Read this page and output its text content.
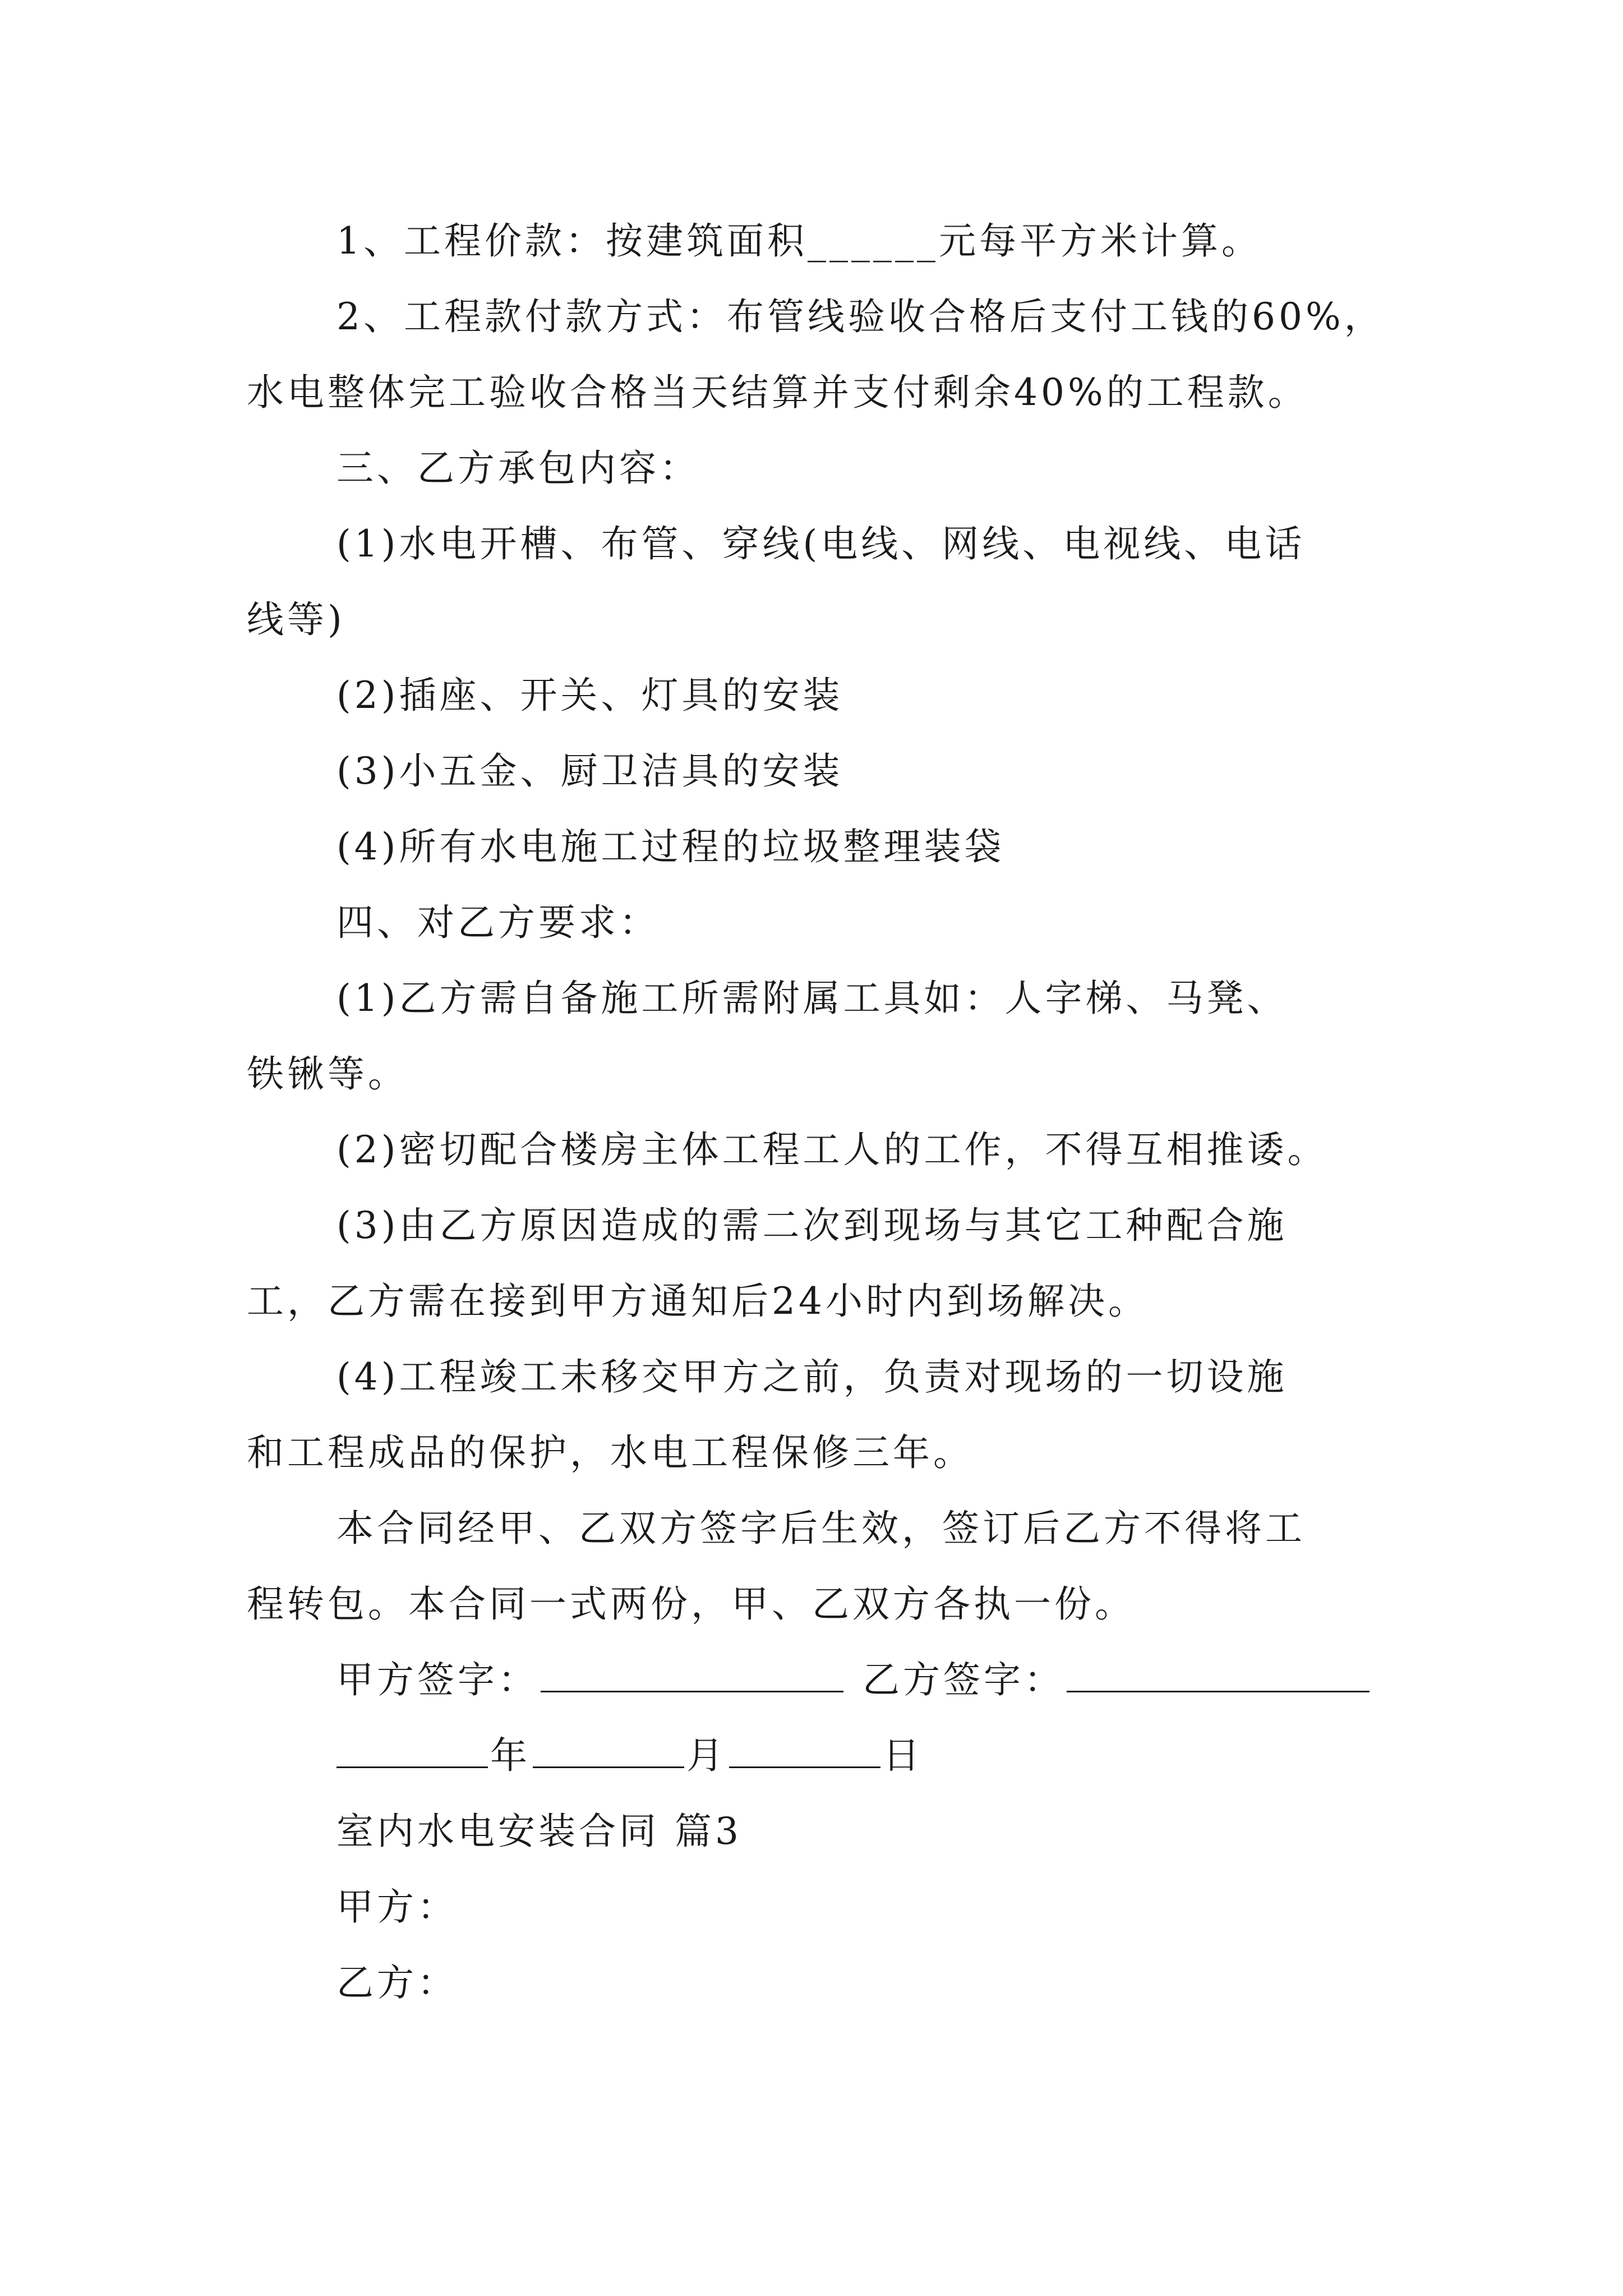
1、工程价款：按建筑面积______元每平方米计算。
2、工程款付款方式：布管线验收合格后支付工钱的60%，
水电整体完工验收合格当天结算并支付剩余40%的工程款。
三、乙方承包内容：
(1)水电开槽、布管、穿线(电线、网线、电视线、电话
线等)
(2)插座、开关、灯具的安装
(3)小五金、厨卫洁具的安装
(4)所有水电施工过程的垃圾整理装袋
四、对乙方要求：
(1)乙方需自备施工所需附属工具如：人字梯、马凳、
铁锹等。
(2)密切配合楼房主体工程工人的工作，不得互相推诿。
(3)由乙方原因造成的需二次到现场与其它工种配合施
工，乙方需在接到甲方通知后24小时内到场解决。
(4)工程竣工未移交甲方之前，负责对现场的一切设施
和工程成品的保护，水电工程保修三年。
本合同经甲、乙双方签字后生效，签订后乙方不得将工
程转包。本合同一式两份，甲、乙双方各执一份。
甲方签字：	乙方签字：
年	月	日
室内水电安装合同 篇3
甲方：
乙方：
